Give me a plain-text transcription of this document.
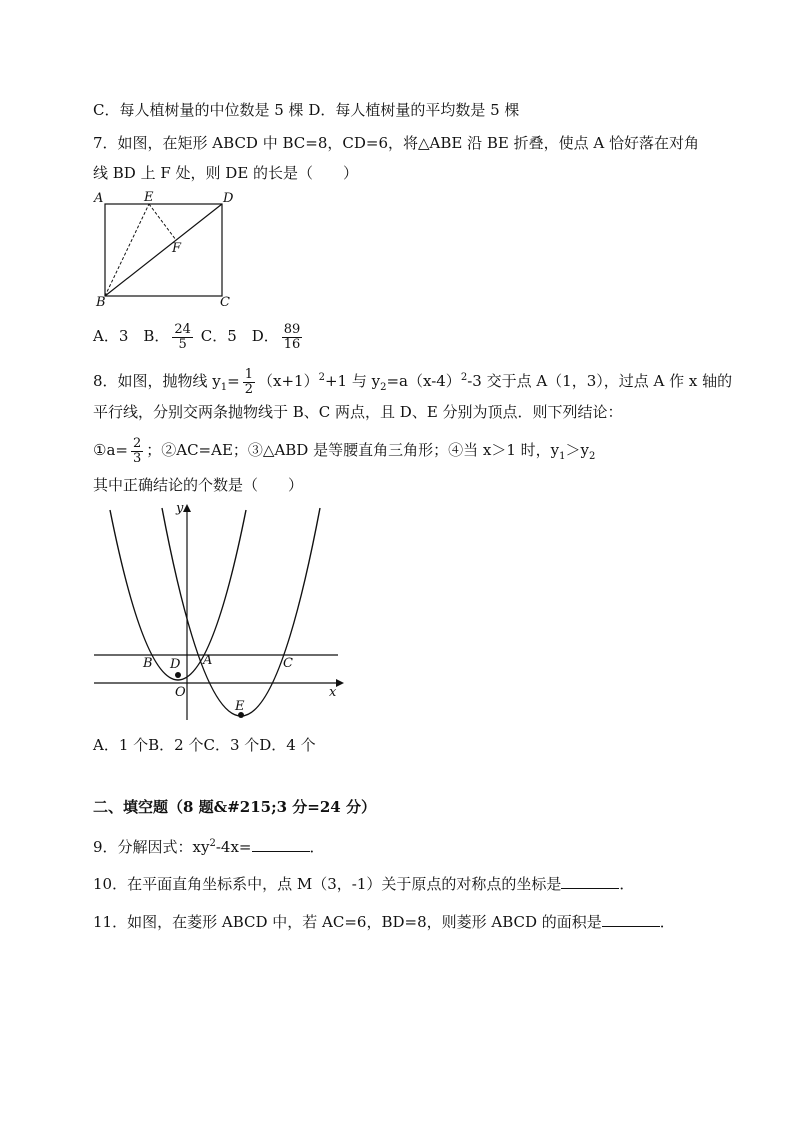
C．每人植树量的中位数是 5 棵 D．每人植树量的平均数是 5 棵
7．如图，在矩形 ABCD 中 BC=8，CD=6，将△ABE 沿 BE 折叠，使点 A 恰好落在对角
线 BD 上 F 处，则 DE 的长是（　　）
A	E	D
F
B	C
A．3　B． $\frac{24}{5}$ C．5　D． $\frac{89}{16}$
8．如图，抛物线 $y_1= \frac{1}{2} (x+1)^2+1$ 与 $y_2=a(x-4)^2-3$ 交于点 A（1，3），过点 A 作 x 轴的
平行线，分别交两条抛物线于 B、C 两点，且 D、E 分别为顶点．则下列结论：
①a= $\frac{2}{3}$ ；②AC=AE；③△ABD 是等腰直角三角形；④当 x＞1 时，$y_1>y_2$
其中正确结论的个数是（　　）
y
x
B D A	C
O
E
A．1 个B．2 个C．3 个D．4 个
二、填空题（8 题&#215;3 分=24 分）
9．分解因式：$xy^2-4x=$	．
10．在平面直角坐标系中，点 M（3，-1）关于原点的对称点的坐标是	．
11．如图，在菱形 ABCD 中，若 AC=6，BD=8，则菱形 ABCD 的面积是	．
